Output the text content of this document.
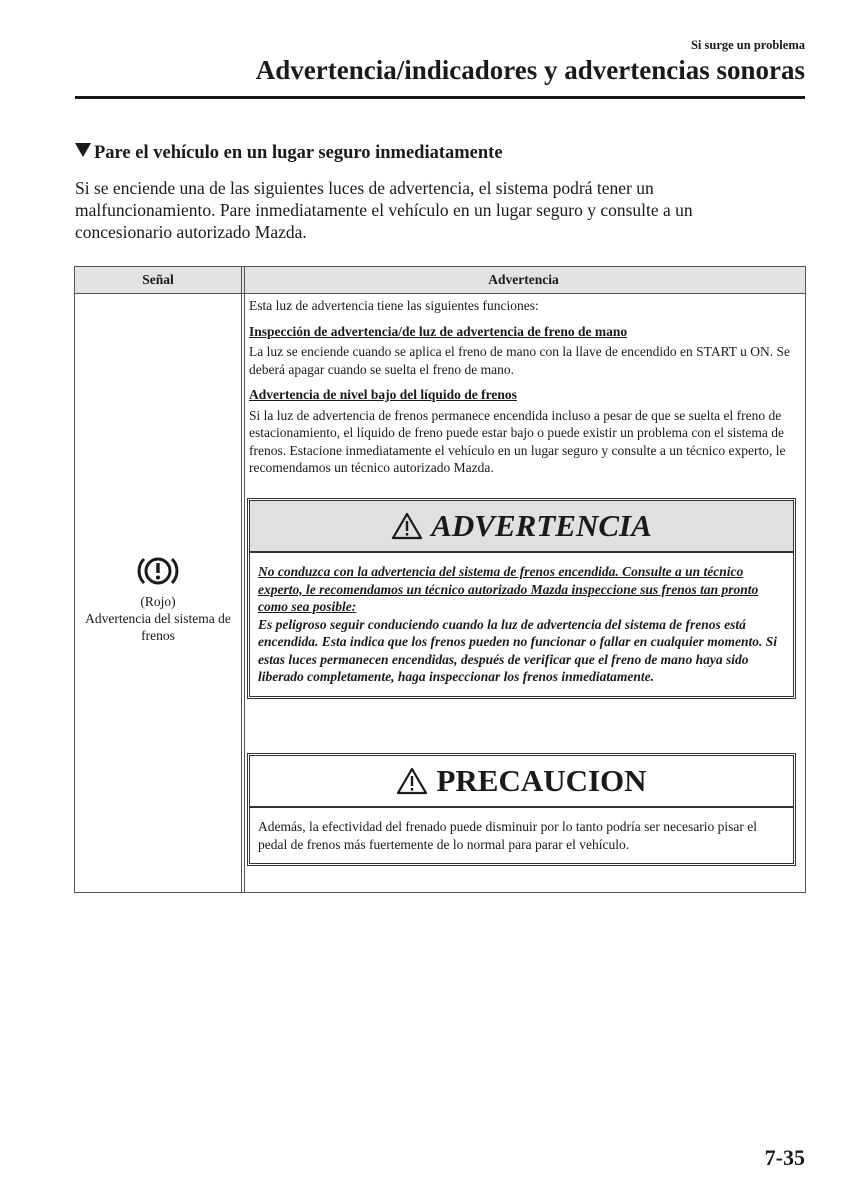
Si surge un problema
Advertencia/indicadores y advertencias sonoras
Pare el vehículo en un lugar seguro inmediatamente
Si se enciende una de las siguientes luces de advertencia, el sistema podrá tener un malfuncionamiento. Pare inmediatamente el vehículo en un lugar seguro y consulte a un concesionario autorizado Mazda.
Señal	Advertencia
(Rojo)
Advertencia del sistema de frenos

Esta luz de advertencia tiene las siguientes funciones:

Inspección de advertencia/de luz de advertencia de freno de mano

La luz se enciende cuando se aplica el freno de mano con la llave de encendido en START u ON. Se deberá apagar cuando se suelta el freno de mano.

Advertencia de nivel bajo del líquido de frenos

Si la luz de advertencia de frenos permanece encendida incluso a pesar de que se suelta el freno de estacionamiento, el líquido de freno puede estar bajo o puede existir un problema con el sistema de frenos. Estacione inmediatamente el vehículo en un lugar seguro y consulte a un técnico experto, le recomendamos un técnico autorizado Mazda.

ADVERTENCIA
No conduzca con la advertencia del sistema de frenos encendida. Consulte a un técnico experto, le recomendamos un técnico autorizado Mazda inspeccione sus frenos tan pronto como sea posible:
Es peligroso seguir conduciendo cuando la luz de advertencia del sistema de frenos está encendida. Esta indica que los frenos pueden no funcionar o fallar en cualquier momento. Si estas luces permanecen encendidas, después de verificar que el freno de mano haya sido liberado completamente, haga inspeccionar los frenos inmediatamente.
PRECAUCION
Además, la efectividad del frenado puede disminuir por lo tanto podría ser necesario pisar el pedal de frenos más fuertemente de lo normal para parar el vehículo.
7-35
